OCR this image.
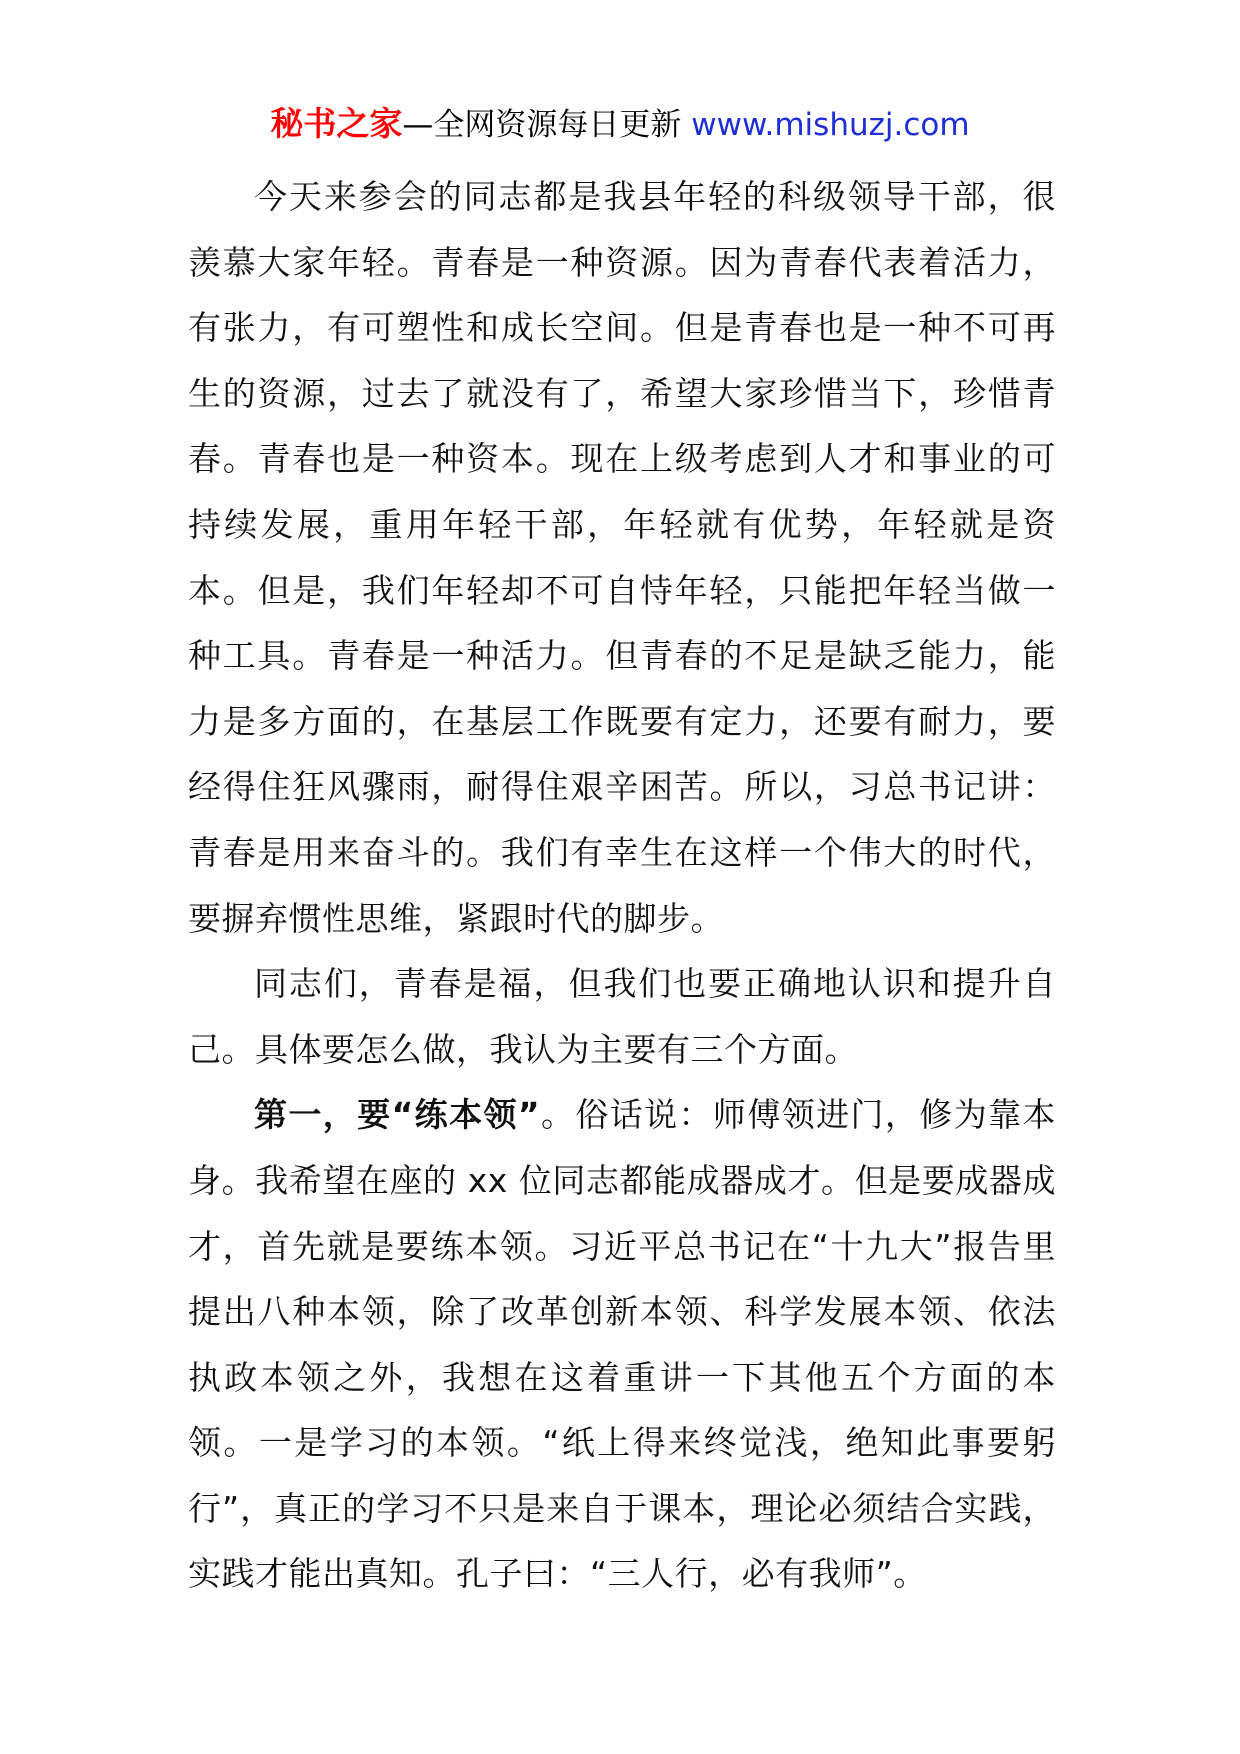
秘书之家—全网资源每日更新 www.mishuzj.com

今天来参会的同志都是我县年轻的科级领导干部，很羡慕大家年轻。青春是一种资源。因为青春代表着活力，有张力，有可塑性和成长空间。但是青春也是一种不可再生的资源，过去了就没有了，希望大家珍惜当下，珍惜青春。青春也是一种资本。现在上级考虑到人才和事业的可持续发展，重用年轻干部，年轻就有优势，年轻就是资本。但是，我们年轻却不可自恃年轻，只能把年轻当做一种工具。青春是一种活力。但青春的不足是缺乏能力，能力是多方面的，在基层工作既要有定力，还要有耐力，要经得住狂风骤雨，耐得住艰辛困苦。所以，习总书记讲：青春是用来奋斗的。我们有幸生在这样一个伟大的时代，要摒弃惯性思维，紧跟时代的脚步。

同志们，青春是福，但我们也要正确地认识和提升自己。具体要怎么做，我认为主要有三个方面。

第一，要“练本领”。俗话说：师傅领进门，修为靠本身。我希望在座的 xx 位同志都能成器成才。但是要成器成才，首先就是要练本领。习近平总书记在“十九大”报告里提出八种本领，除了改革创新本领、科学发展本领、依法执政本领之外，我想在这着重讲一下其他五个方面的本领。一是学习的本领。“纸上得来终觉浅，绝知此事要躬行”，真正的学习不只是来自于课本，理论必须结合实践，实践才能出真知。孔子曰：“三人行，必有我师”。
